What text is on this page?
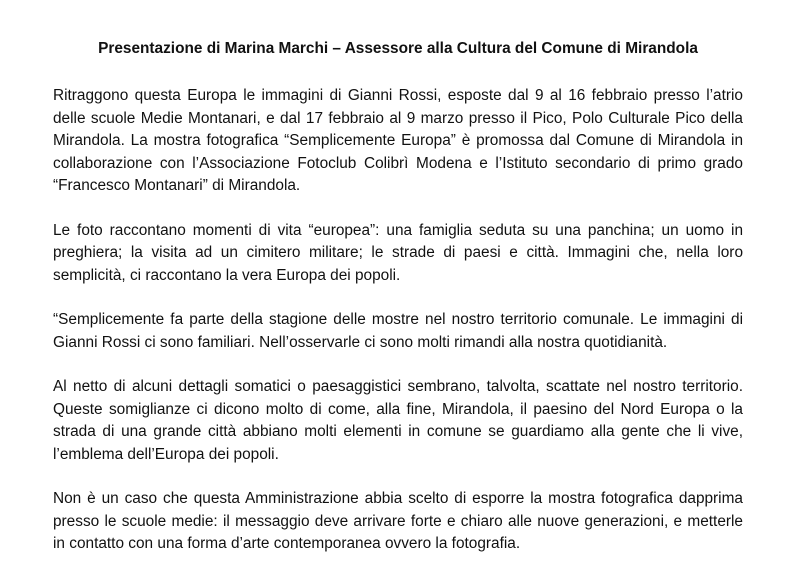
Presentazione di Marina Marchi – Assessore alla Cultura del Comune di Mirandola

Ritraggono questa Europa le immagini di Gianni Rossi, esposte dal 9 al 16 febbraio presso l’atrio delle scuole Medie Montanari, e dal 17 febbraio al 9 marzo presso il Pico, Polo Culturale Pico della Mirandola. La mostra fotografica “Semplicemente Europa” è promossa dal Comune di Mirandola in collaborazione con l’Associazione Fotoclub Colibrì Modena e l’Istituto secondario di primo grado “Francesco Montanari” di Mirandola.

Le foto raccontano momenti di vita “europea”: una famiglia seduta su una panchina; un uomo in preghiera; la visita ad un cimitero militare; le strade di paesi e città. Immagini che, nella loro semplicità, ci raccontano la vera Europa dei popoli.

“Semplicemente fa parte della stagione delle mostre nel nostro territorio comunale. Le immagini di Gianni Rossi ci sono familiari. Nell’osservarle ci sono molti rimandi alla nostra quotidianità.

Al netto di alcuni dettagli somatici o paesaggistici sembrano, talvolta, scattate nel nostro territorio. Queste somiglianze ci dicono molto di come, alla fine, Mirandola, il paesino del Nord Europa o la strada di una grande città abbiano molti elementi in comune se guardiamo alla gente che li vive, l’emblema dell’Europa dei popoli.

Non è un caso che questa Amministrazione abbia scelto di esporre la mostra fotografica dapprima presso le scuole medie: il messaggio deve arrivare forte e chiaro alle nuove generazioni, e metterle in contatto con una forma d’arte contemporanea ovvero la fotografia.
